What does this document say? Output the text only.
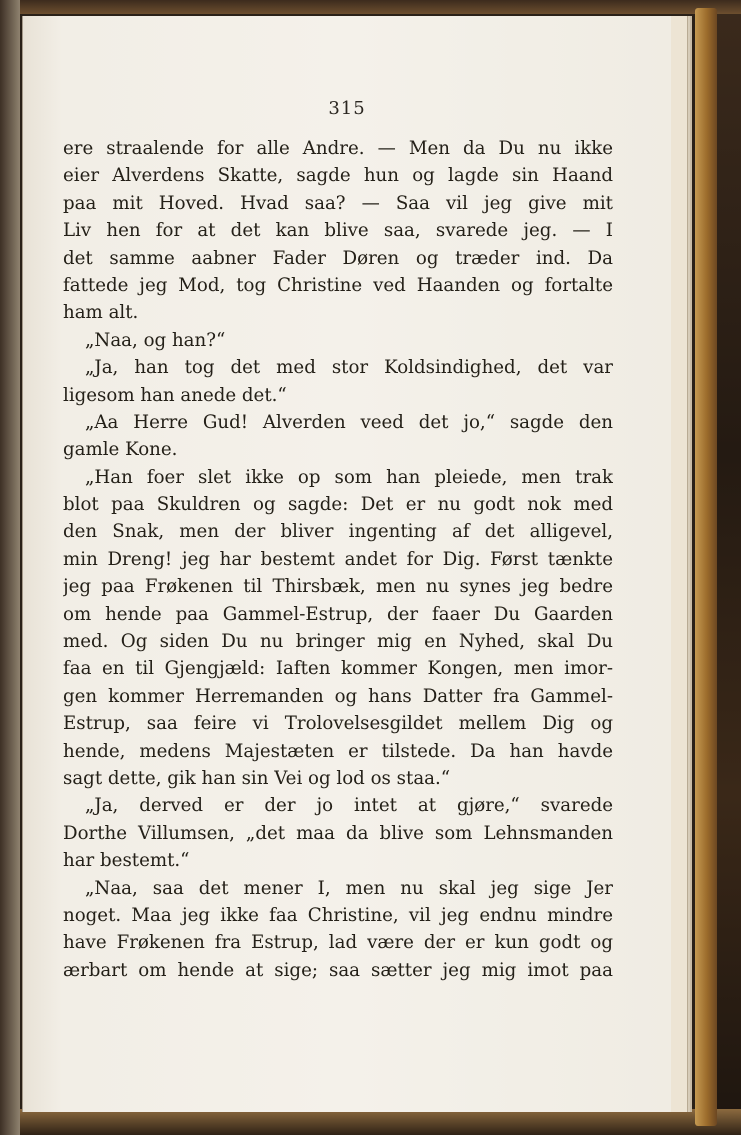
315
ere straalende for alle Andre. — Men da Du nu ikke
eier Alverdens Skatte, sagde hun og lagde sin Haand
paa mit Hoved. Hvad saa? — Saa vil jeg give mit
Liv hen for at det kan blive saa, svarede jeg. — I
det samme aabner Fader Døren og træder ind. Da
fattede jeg Mod, tog Christine ved Haanden og fortalte
ham alt.
„Naa, og han?“
„Ja, han tog det med stor Koldsindighed, det var
ligesom han anede det.“
„Aa Herre Gud! Alverden veed det jo,“ sagde den
gamle Kone.
„Han foer slet ikke op som han pleiede, men trak
blot paa Skuldren og sagde: Det er nu godt nok med
den Snak, men der bliver ingenting af det alligevel,
min Dreng! jeg har bestemt andet for Dig. Først tænkte
jeg paa Frøkenen til Thirsbæk, men nu synes jeg bedre
om hende paa Gammel-Estrup, der faaer Du Gaarden
med. Og siden Du nu bringer mig en Nyhed, skal Du
faa en til Gjengjæld: Iaften kommer Kongen, men imor-
gen kommer Herremanden og hans Datter fra Gammel-
Estrup, saa feire vi Trolovelsesgildet mellem Dig og
hende, medens Majestæten er tilstede. Da han havde
sagt dette, gik han sin Vei og lod os staa.“
„Ja, derved er der jo intet at gjøre,“ svarede
Dorthe Villumsen, „det maa da blive som Lehnsmanden
har bestemt.“
„Naa, saa det mener I, men nu skal jeg sige Jer
noget. Maa jeg ikke faa Christine, vil jeg endnu mindre
have Frøkenen fra Estrup, lad være der er kun godt og
ærbart om hende at sige; saa sætter jeg mig imot paa
